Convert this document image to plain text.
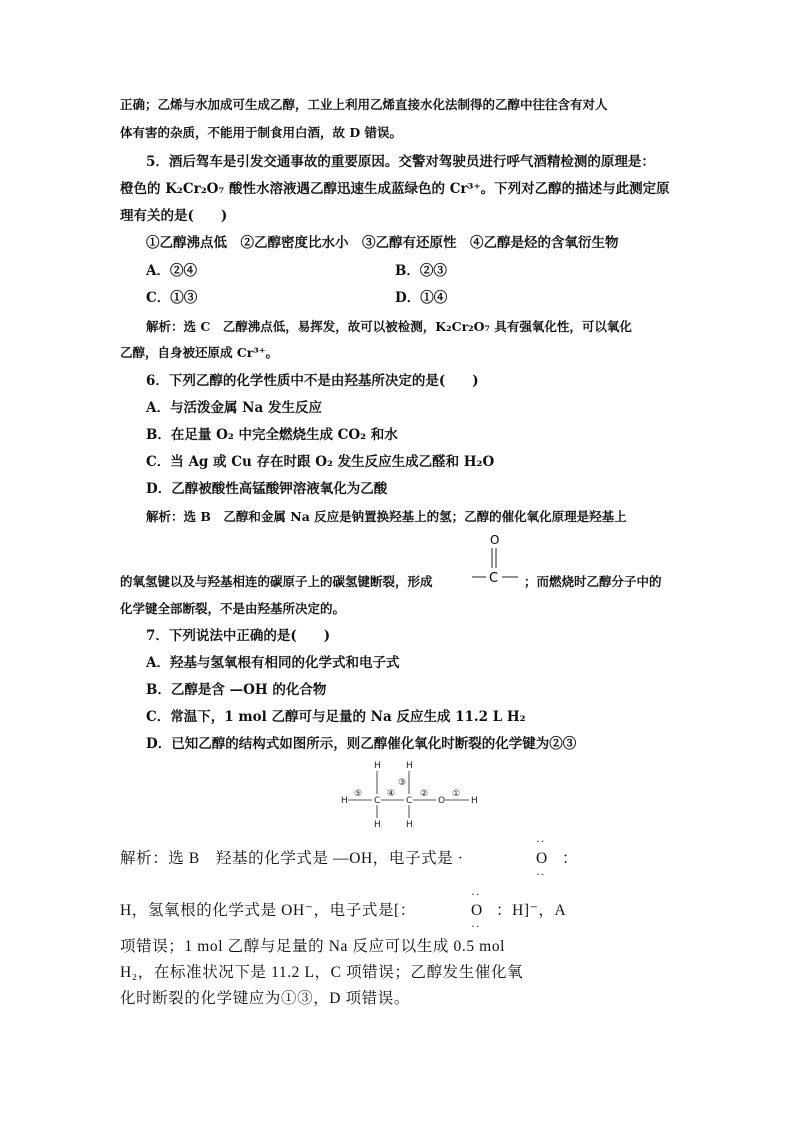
正确；乙烯与水加成可生成乙醇，工业上利用乙烯直接水化法制得的乙醇中往往含有对人
体有害的杂质，不能用于制食用白酒，故 D 错误。
5．酒后驾车是引发交通事故的重要原因。交警对驾驶员进行呼气酒精检测的原理是：
橙色的 K₂Cr₂O₇ 酸性水溶液遇乙醇迅速生成蓝绿色的 Cr³⁺。下列对乙醇的描述与此测定原
理有关的是(　　)
①乙醇沸点低　②乙醇密度比水小　③乙醇有还原性　④乙醇是烃的含氧衍生物
A．②④	B．②③
C．①③	D．①④
解析：选 C　乙醇沸点低，易挥发，故可以被检测，K₂Cr₂O₇ 具有强氧化性，可以氧化
乙醇，自身被还原成 Cr³⁺。
6．下列乙醇的化学性质中不是由羟基所决定的是(　　)
A．与活泼金属 Na 发生反应
B．在足量 O₂ 中完全燃烧生成 CO₂ 和水
C．当 Ag 或 Cu 存在时跟 O₂ 发生反应生成乙醛和 H₂O
D．乙醇被酸性高锰酸钾溶液氧化为乙酸
解析：选 B　乙醇和金属 Na 反应是钠置换羟基上的氢；乙醇的催化氧化原理是羟基上
的氧氢键以及与羟基相连的碳原子上的碳氢键断裂，形成
O
C ；而燃烧时乙醇分子中的
化学键全部断裂，不是由羟基所决定的。
7．下列说法中正确的是(　　)
A．羟基与氢氧根有相同的化学式和电子式
B．乙醇是含 —OH 的化合物
C．常温下，1 mol 乙醇可与足量的 Na 反应生成 11.2 L H₂
D．已知乙醇的结构式如图所示，则乙醇催化氧化时断裂的化学键为②③
H	C	C	O	H
H	H
H	H
⑤	④
③
②	①
解析：选 B　羟基的化学式是 —OH，电子式是 ·
··
O
··
：
H，氢氧根的化学式是 OH⁻，电子式是[：
··
O
··
：H]⁻，A
项错误；1 mol 乙醇与足量的 Na 反应可以生成 0.5 mol
H₂，在标准状况下是 11.2 L，C 项错误；乙醇发生催化氧
化时断裂的化学键应为①③，D 项错误。
